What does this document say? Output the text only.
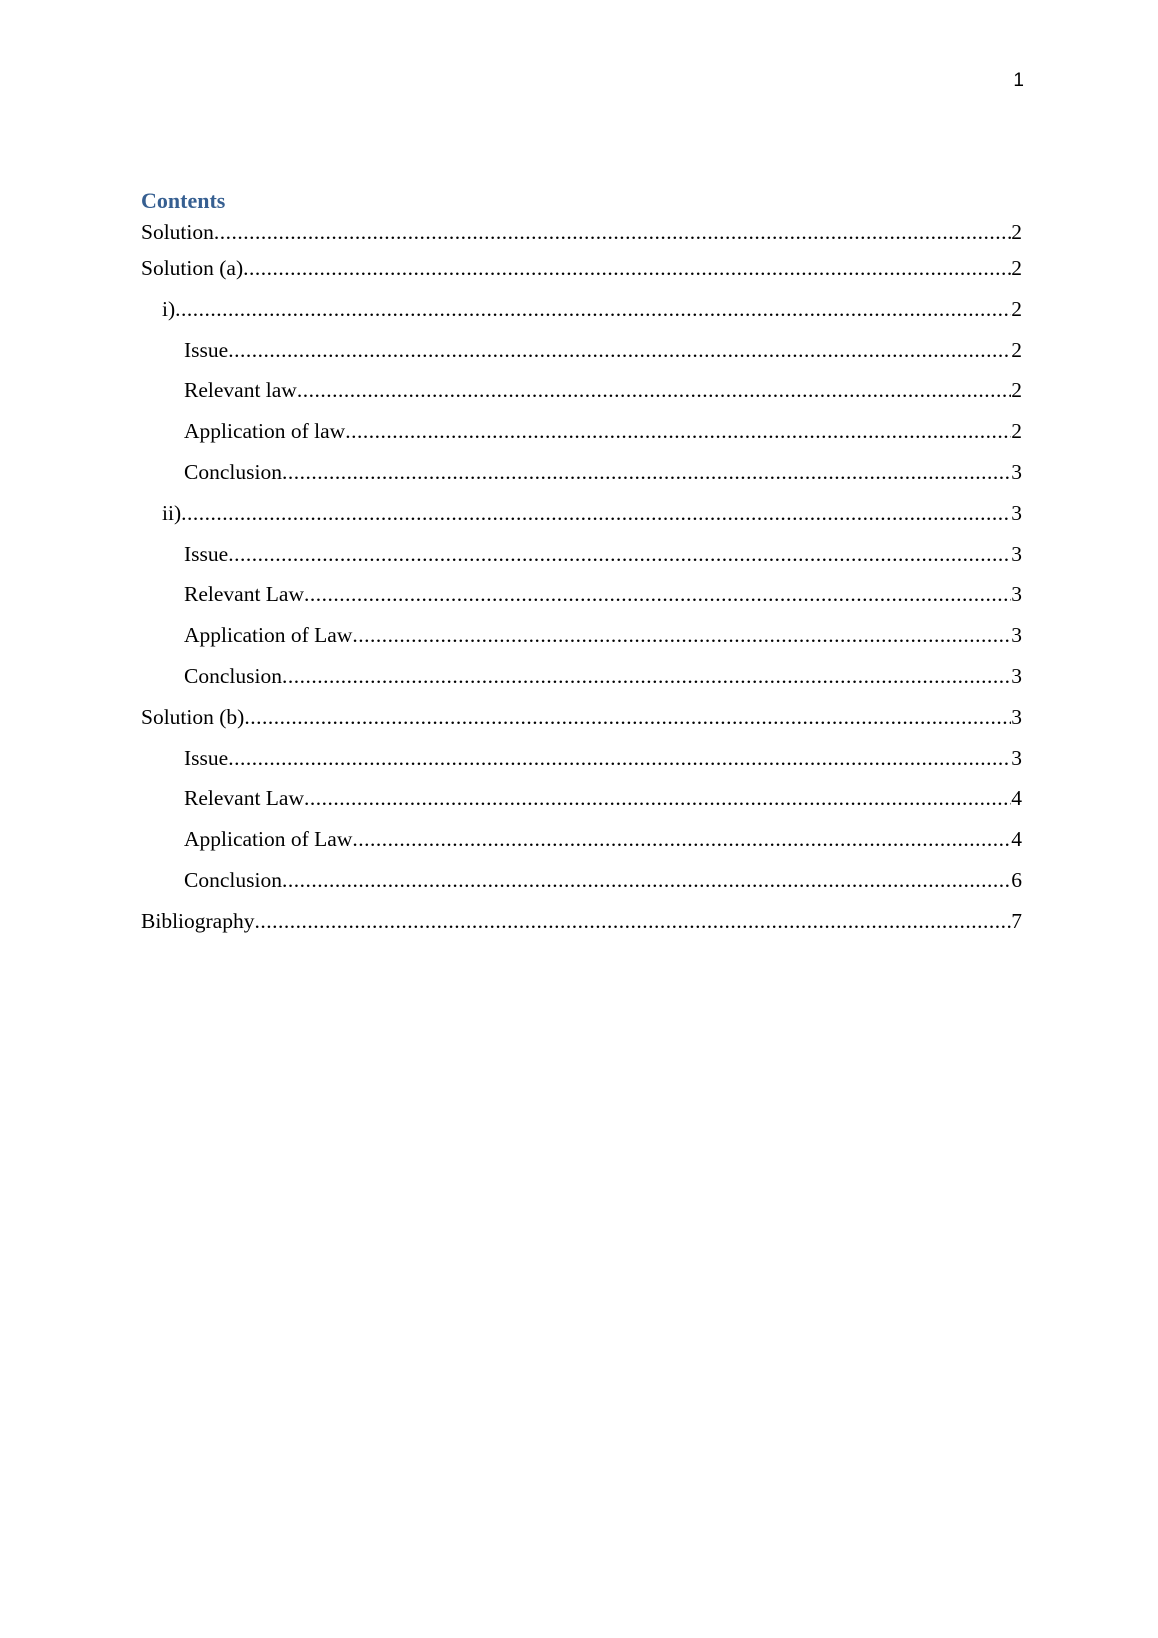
1
Contents
Solution .....	2
Solution (a) .....	2
i) .....	2
Issue .....	2
Relevant law .....	2
Application of law .....	2
Conclusion .....	3
ii) .....	3
Issue .....	3
Relevant Law .....	3
Application of Law .....	3
Conclusion .....	3
Solution (b) .....	3
Issue .....	3
Relevant Law .....	4
Application of Law .....	4
Conclusion .....	6
Bibliography .....	7
